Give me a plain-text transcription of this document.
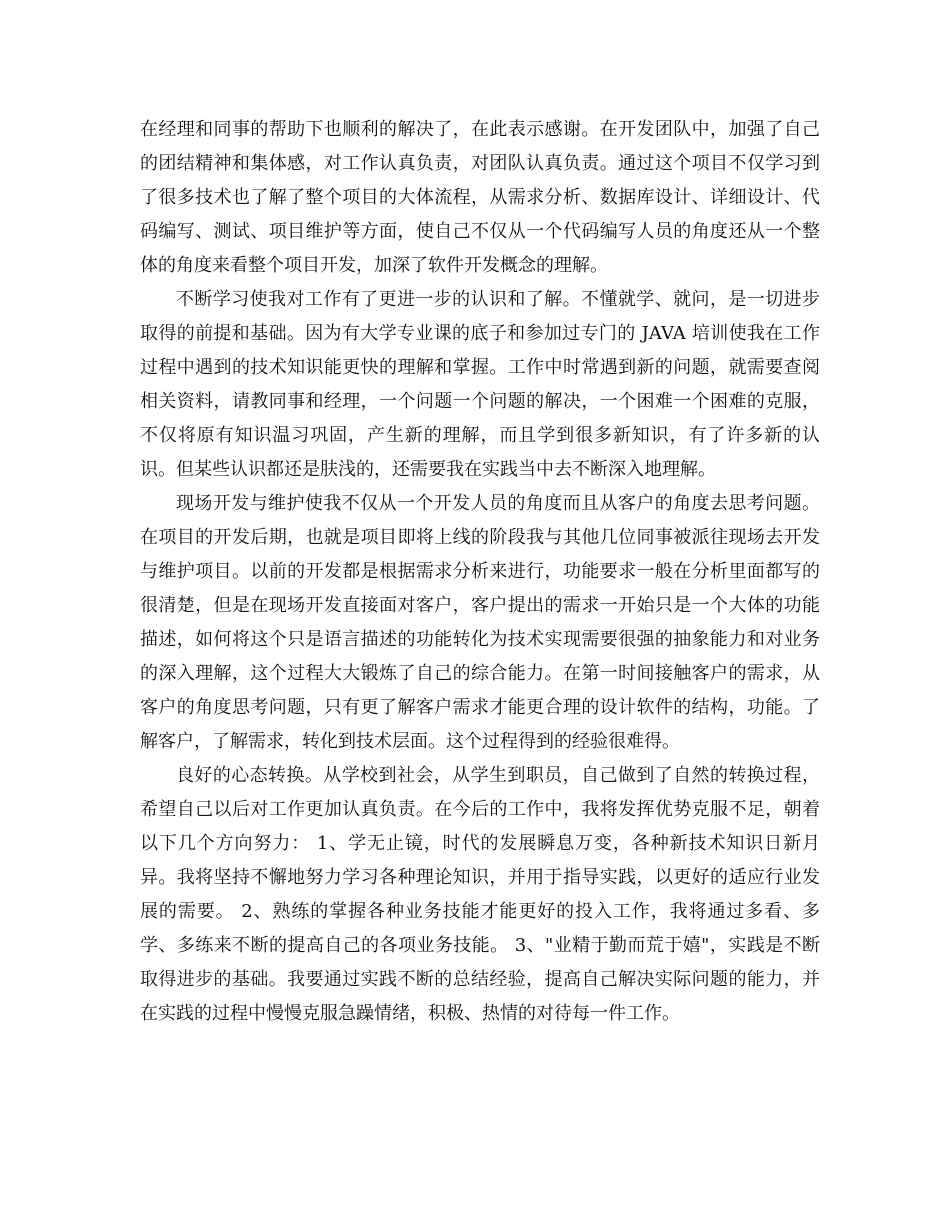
在经理和同事的帮助下也顺利的解决了，在此表示感谢。在开发团队中，加强了自己的团结精神和集体感，对工作认真负责，对团队认真负责。通过这个项目不仅学习到了很多技术也了解了整个项目的大体流程，从需求分析、数据库设计、详细设计、代码编写、测试、项目维护等方面，使自己不仅从一个代码编写人员的角度还从一个整体的角度来看整个项目开发，加深了软件开发概念的理解。

不断学习使我对工作有了更进一步的认识和了解。不懂就学、就问，是一切进步取得的前提和基础。因为有大学专业课的底子和参加过专门的 JAVA 培训使我在工作过程中遇到的技术知识能更快的理解和掌握。工作中时常遇到新的问题，就需要查阅相关资料，请教同事和经理，一个问题一个问题的解决，一个困难一个困难的克服，不仅将原有知识温习巩固，产生新的理解，而且学到很多新知识，有了许多新的认识。但某些认识都还是肤浅的，还需要我在实践当中去不断深入地理解。

现场开发与维护使我不仅从一个开发人员的角度而且从客户的角度去思考问题。在项目的开发后期，也就是项目即将上线的阶段我与其他几位同事被派往现场去开发与维护项目。以前的开发都是根据需求分析来进行，功能要求一般在分析里面都写的很清楚，但是在现场开发直接面对客户，客户提出的需求一开始只是一个大体的功能描述，如何将这个只是语言描述的功能转化为技术实现需要很强的抽象能力和对业务的深入理解，这个过程大大锻炼了自己的综合能力。在第一时间接触客户的需求，从客户的角度思考问题，只有更了解客户需求才能更合理的设计软件的结构，功能。了解客户，了解需求，转化到技术层面。这个过程得到的经验很难得。

良好的心态转换。从学校到社会，从学生到职员，自己做到了自然的转换过程，希望自己以后对工作更加认真负责。在今后的工作中，我将发挥优势克服不足，朝着以下几个方向努力： 1、学无止镜，时代的发展瞬息万变，各种新技术知识日新月异。我将坚持不懈地努力学习各种理论知识，并用于指导实践，以更好的适应行业发展的需要。 2、熟练的掌握各种业务技能才能更好的投入工作，我将通过多看、多学、多练来不断的提高自己的各项业务技能。 3、"业精于勤而荒于嬉"，实践是不断取得进步的基础。我要通过实践不断的总结经验，提高自己解决实际问题的能力，并在实践的过程中慢慢克服急躁情绪，积极、热情的对待每一件工作。
